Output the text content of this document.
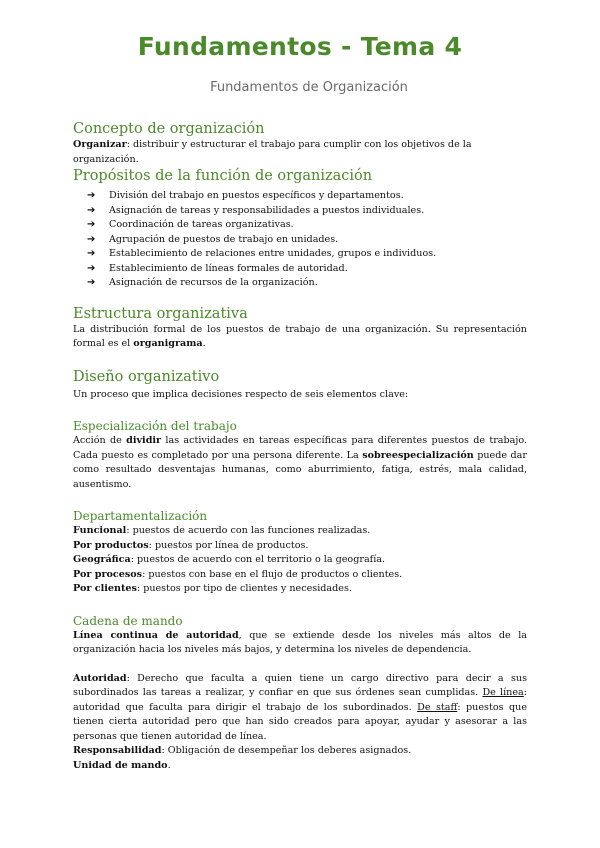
Fundamentos - Tema 4
Fundamentos de Organización
Concepto de organización

Organizar: distribuir y estructurar el trabajo para cumplir con los objetivos de la organización.

Propósitos de la función de organización
➔ División del trabajo en puestos específicos y departamentos.
➔ Asignación de tareas y responsabilidades a puestos individuales.
➔ Coordinación de tareas organizativas.
➔ Agrupación de puestos de trabajo en unidades.
➔ Establecimiento de relaciones entre unidades, grupos e individuos.
➔ Establecimiento de líneas formales de autoridad.
➔ Asignación de recursos de la organización.
Estructura organizativa

La distribución formal de los puestos de trabajo de una organización. Su representación formal es el organigrama.

Diseño organizativo

Un proceso que implica decisiones respecto de seis elementos clave:

Especialización del trabajo

Acción de dividir las actividades en tareas específicas para diferentes puestos de trabajo. Cada puesto es completado por una persona diferente. La sobreespecialización puede dar como resultado desventajas humanas, como aburrimiento, fatiga, estrés, mala calidad, ausentismo.

Departamentalización

Funcional: puestos de acuerdo con las funciones realizadas.

Por productos: puestos por línea de productos.

Geográfica: puestos de acuerdo con el territorio o la geografía.

Por procesos: puestos con base en el flujo de productos o clientes.

Por clientes: puestos por tipo de clientes y necesidades.

Cadena de mando

Línea continua de autoridad, que se extiende desde los niveles más altos de la organización hacia los niveles más bajos, y determina los niveles de dependencia.

Autoridad: Derecho que faculta a quien tiene un cargo directivo para decir a sus subordinados las tareas a realizar, y confiar en que sus órdenes sean cumplidas. De línea: autoridad que faculta para dirigir el trabajo de los subordinados. De staff: puestos que tienen cierta autoridad pero que han sido creados para apoyar, ayudar y asesorar a las personas que tienen autoridad de línea.

Responsabilidad: Obligación de desempeñar los deberes asignados.

Unidad de mando.
